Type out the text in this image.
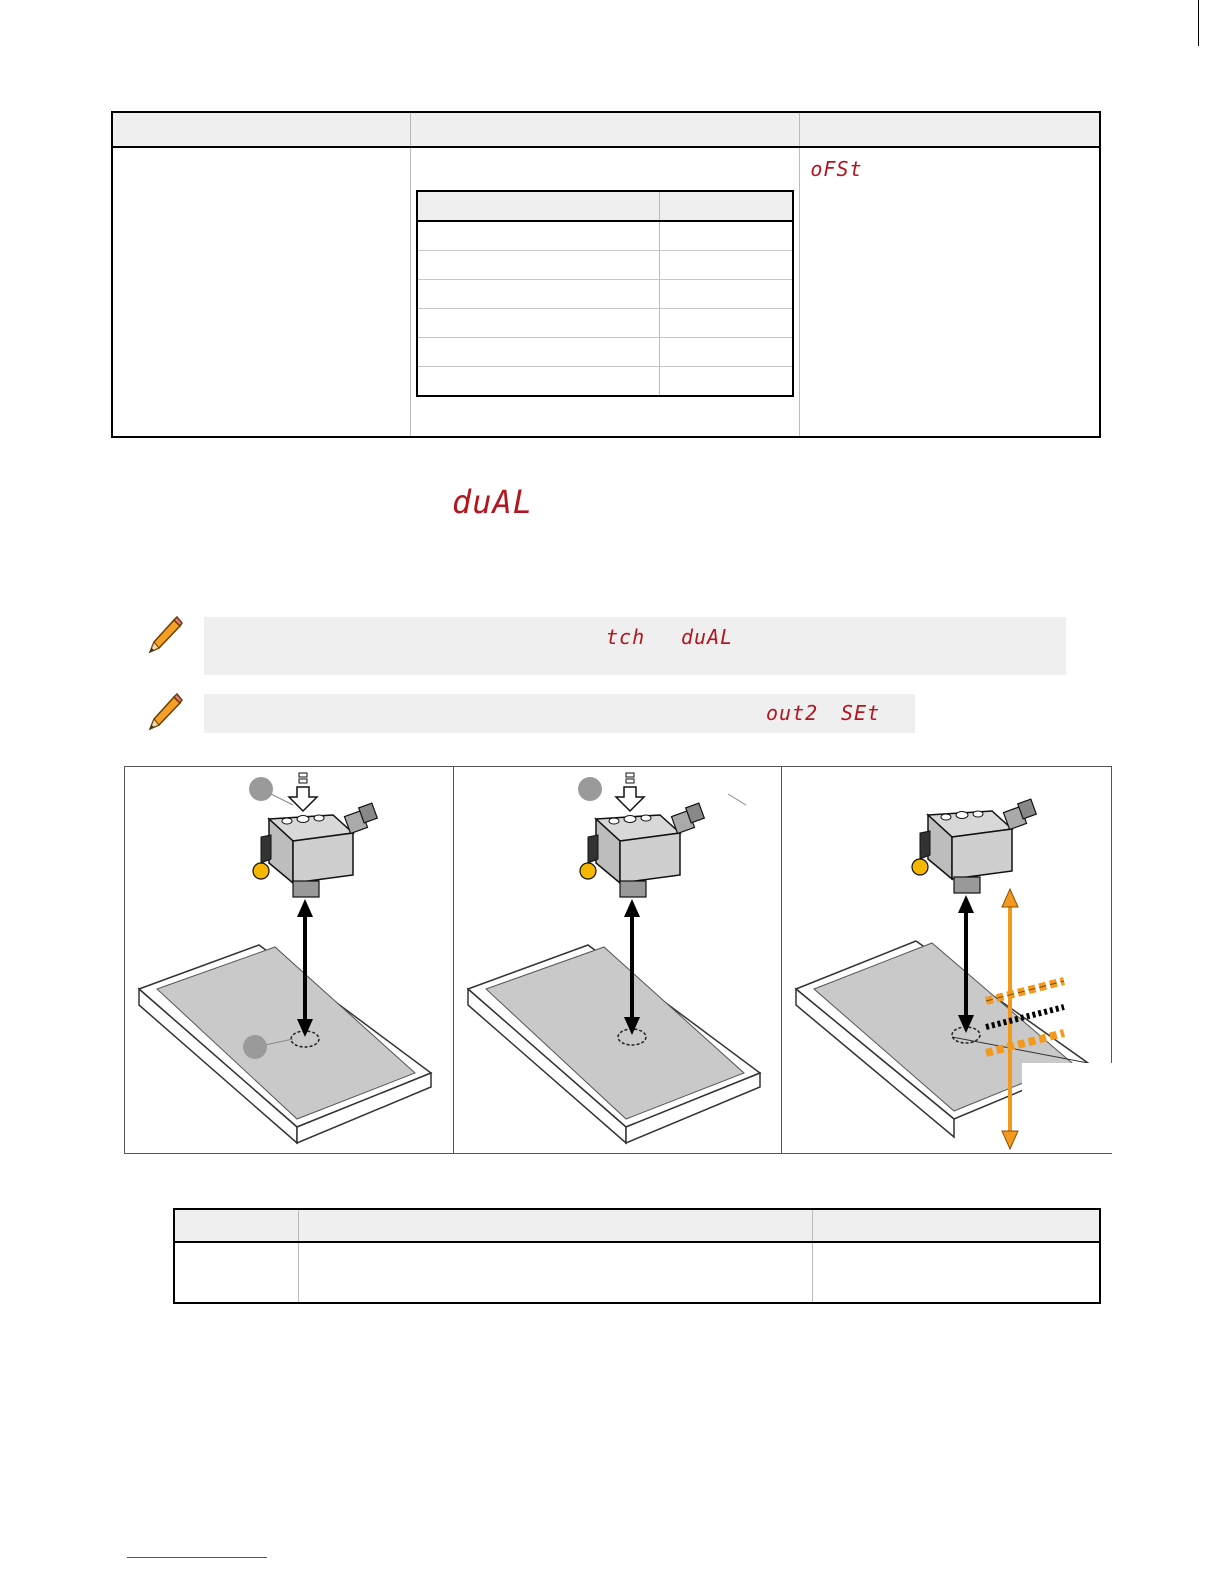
oFSt
duAL
tch duAL
out2 SEt
